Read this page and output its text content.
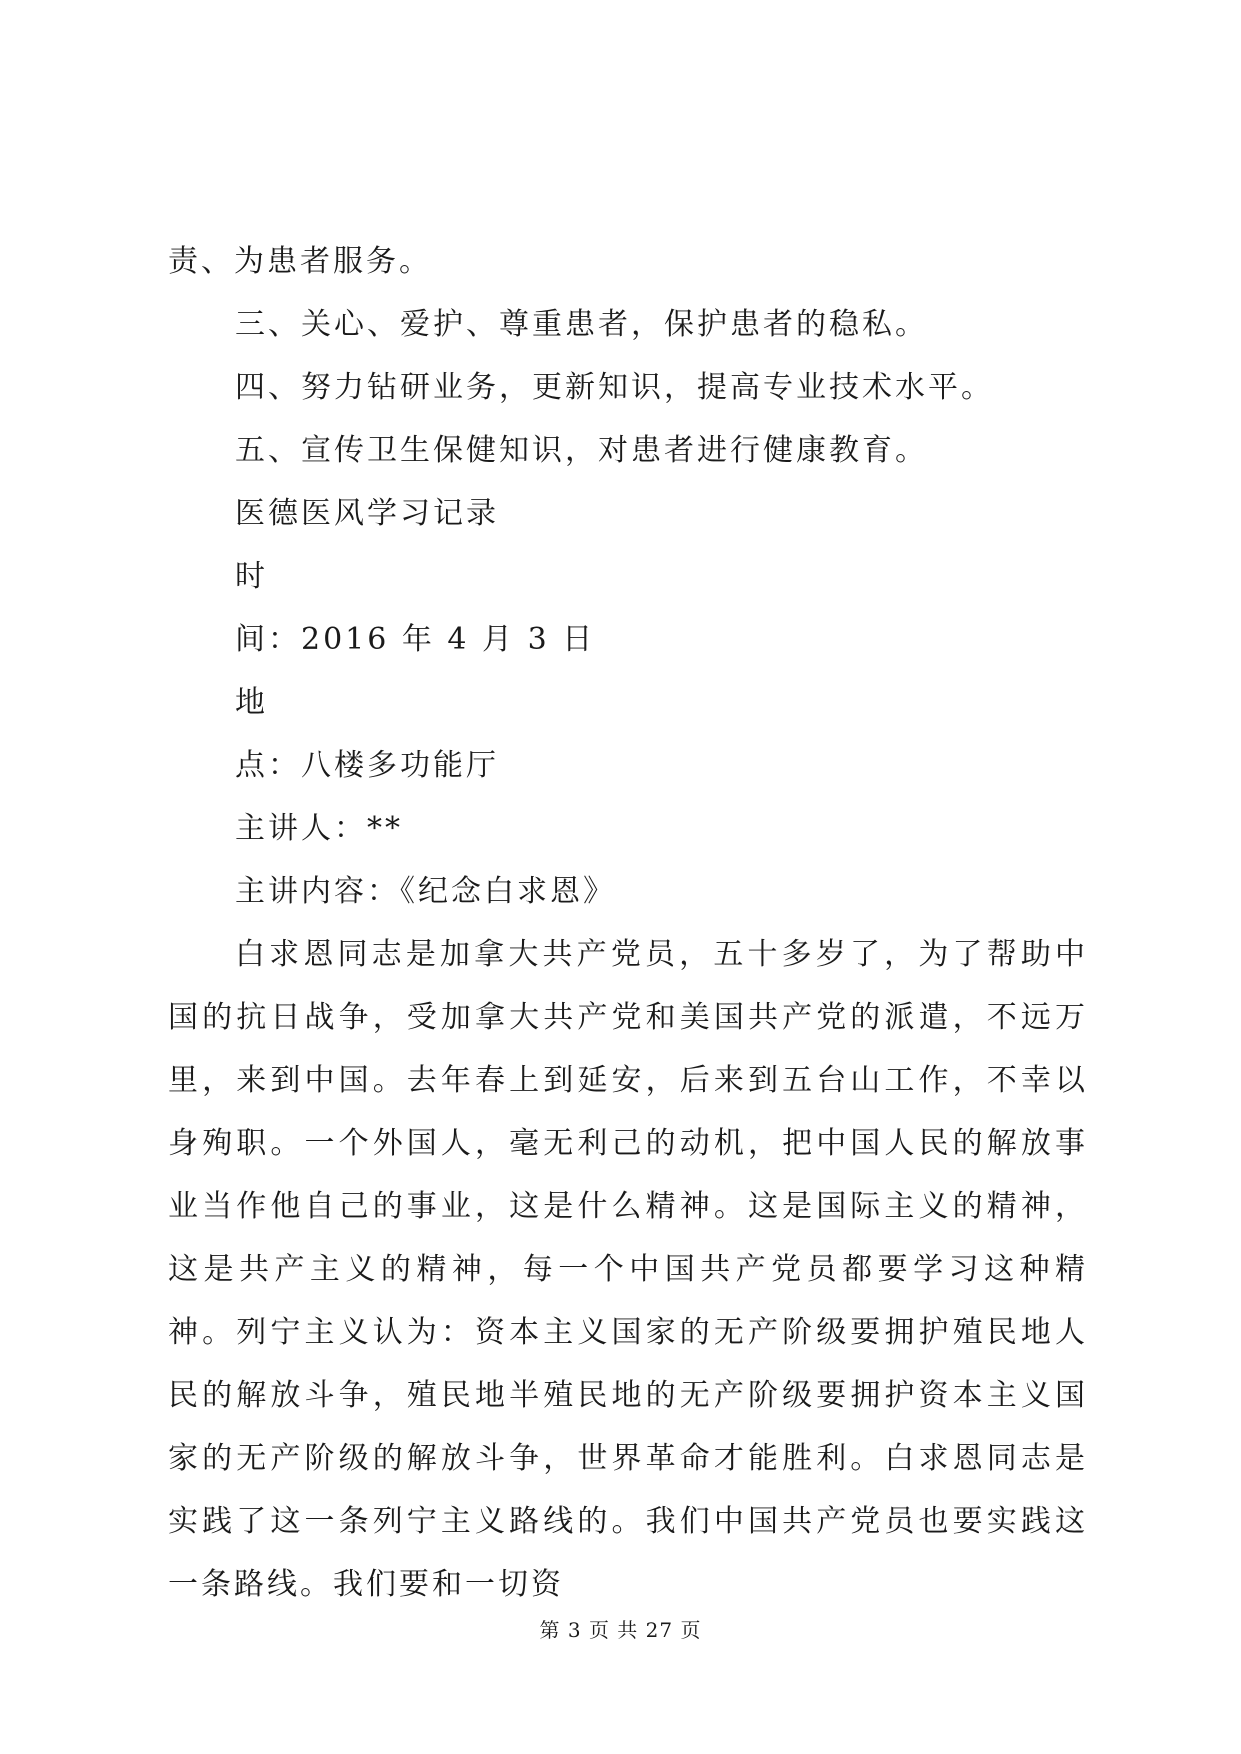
责、为患者服务。

三、关心、爱护、尊重患者，保护患者的稳私。

四、努力钻研业务，更新知识，提高专业技术水平。

五、宣传卫生保健知识，对患者进行健康教育。

医德医风学习记录

时

间：2016 年 4 月 3 日

地

点：八楼多功能厅

主讲人：**

主讲内容：《纪念白求恩》

白求恩同志是加拿大共产党员，五十多岁了，为了帮助中国的抗日战争，受加拿大共产党和美国共产党的派遣，不远万里，来到中国。去年春上到延安，后来到五台山工作，不幸以身殉职。一个外国人，毫无利己的动机，把中国人民的解放事业当作他自己的事业，这是什么精神。这是国际主义的精神，这是共产主义的精神，每一个中国共产党员都要学习这种精神。列宁主义认为：资本主义国家的无产阶级要拥护殖民地人民的解放斗争，殖民地半殖民地的无产阶级要拥护资本主义国家的无产阶级的解放斗争，世界革命才能胜利。白求恩同志是实践了这一条列宁主义路线的。我们中国共产党员也要实践这一条路线。我们要和一切资

第 3 页 共 27 页
